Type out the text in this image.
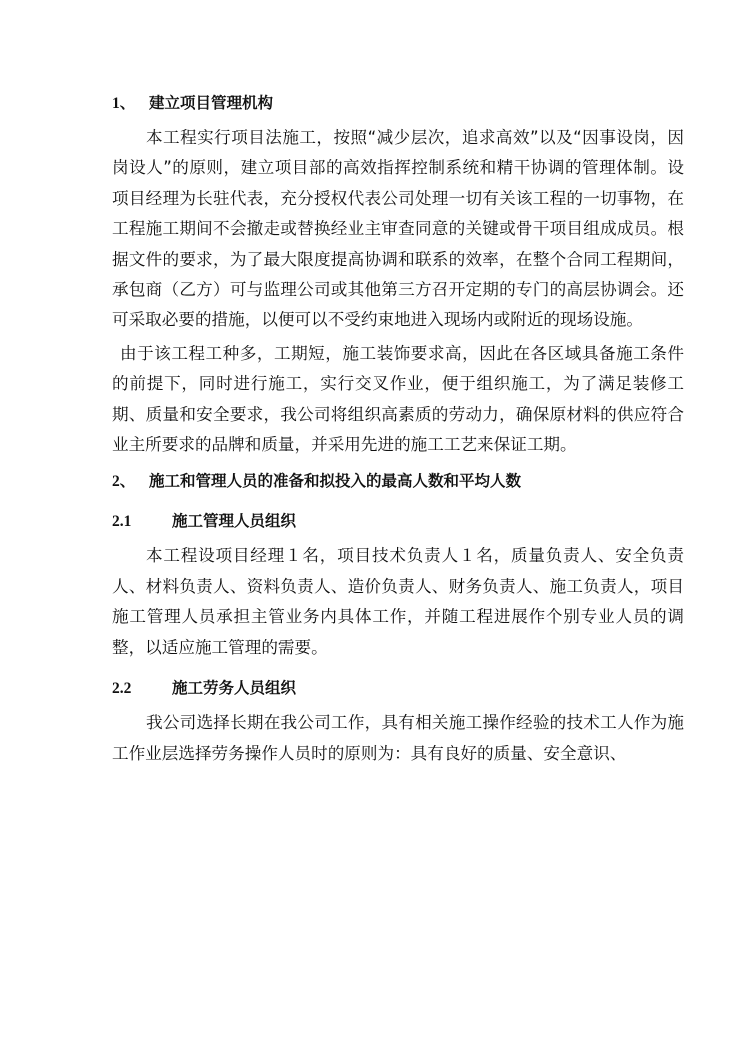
1、 建立项目管理机构

本工程实行项目法施工，按照“减少层次，追求高效”以及“因事设岗，因岗设人”的原则，建立项目部的高效指挥控制系统和精干协调的管理体制。设项目经理为长驻代表，充分授权代表公司处理一切有关该工程的一切事物，在工程施工期间不会撤走或替换经业主审查同意的关键或骨干项目组成成员。根据文件的要求，为了最大限度提高协调和联系的效率，在整个合同工程期间，承包商（乙方）可与监理公司或其他第三方召开定期的专门的高层协调会。还可采取必要的措施，以便可以不受约束地进入现场内或附近的现场设施。

由于该工程工种多，工期短，施工装饰要求高，因此在各区域具备施工条件的前提下，同时进行施工，实行交叉作业，便于组织施工，为了满足装修工期、质量和安全要求，我公司将组织高素质的劳动力，确保原材料的供应符合业主所要求的品牌和质量，并采用先进的施工工艺来保证工期。

2、 施工和管理人员的准备和拟投入的最高人数和平均人数
2.1	施工管理人员组织

本工程设项目经理１名，项目技术负责人１名，质量负责人、安全负责人、材料负责人、资料负责人、造价负责人、财务负责人、施工负责人，项目施工管理人员承担主管业务内具体工作，并随工程进展作个别专业人员的调整，以适应施工管理的需要。

2.2	施工劳务人员组织

我公司选择长期在我公司工作，具有相关施工操作经验的技术工人作为施工作业层选择劳务操作人员时的原则为：具有良好的质量、安全意识、
